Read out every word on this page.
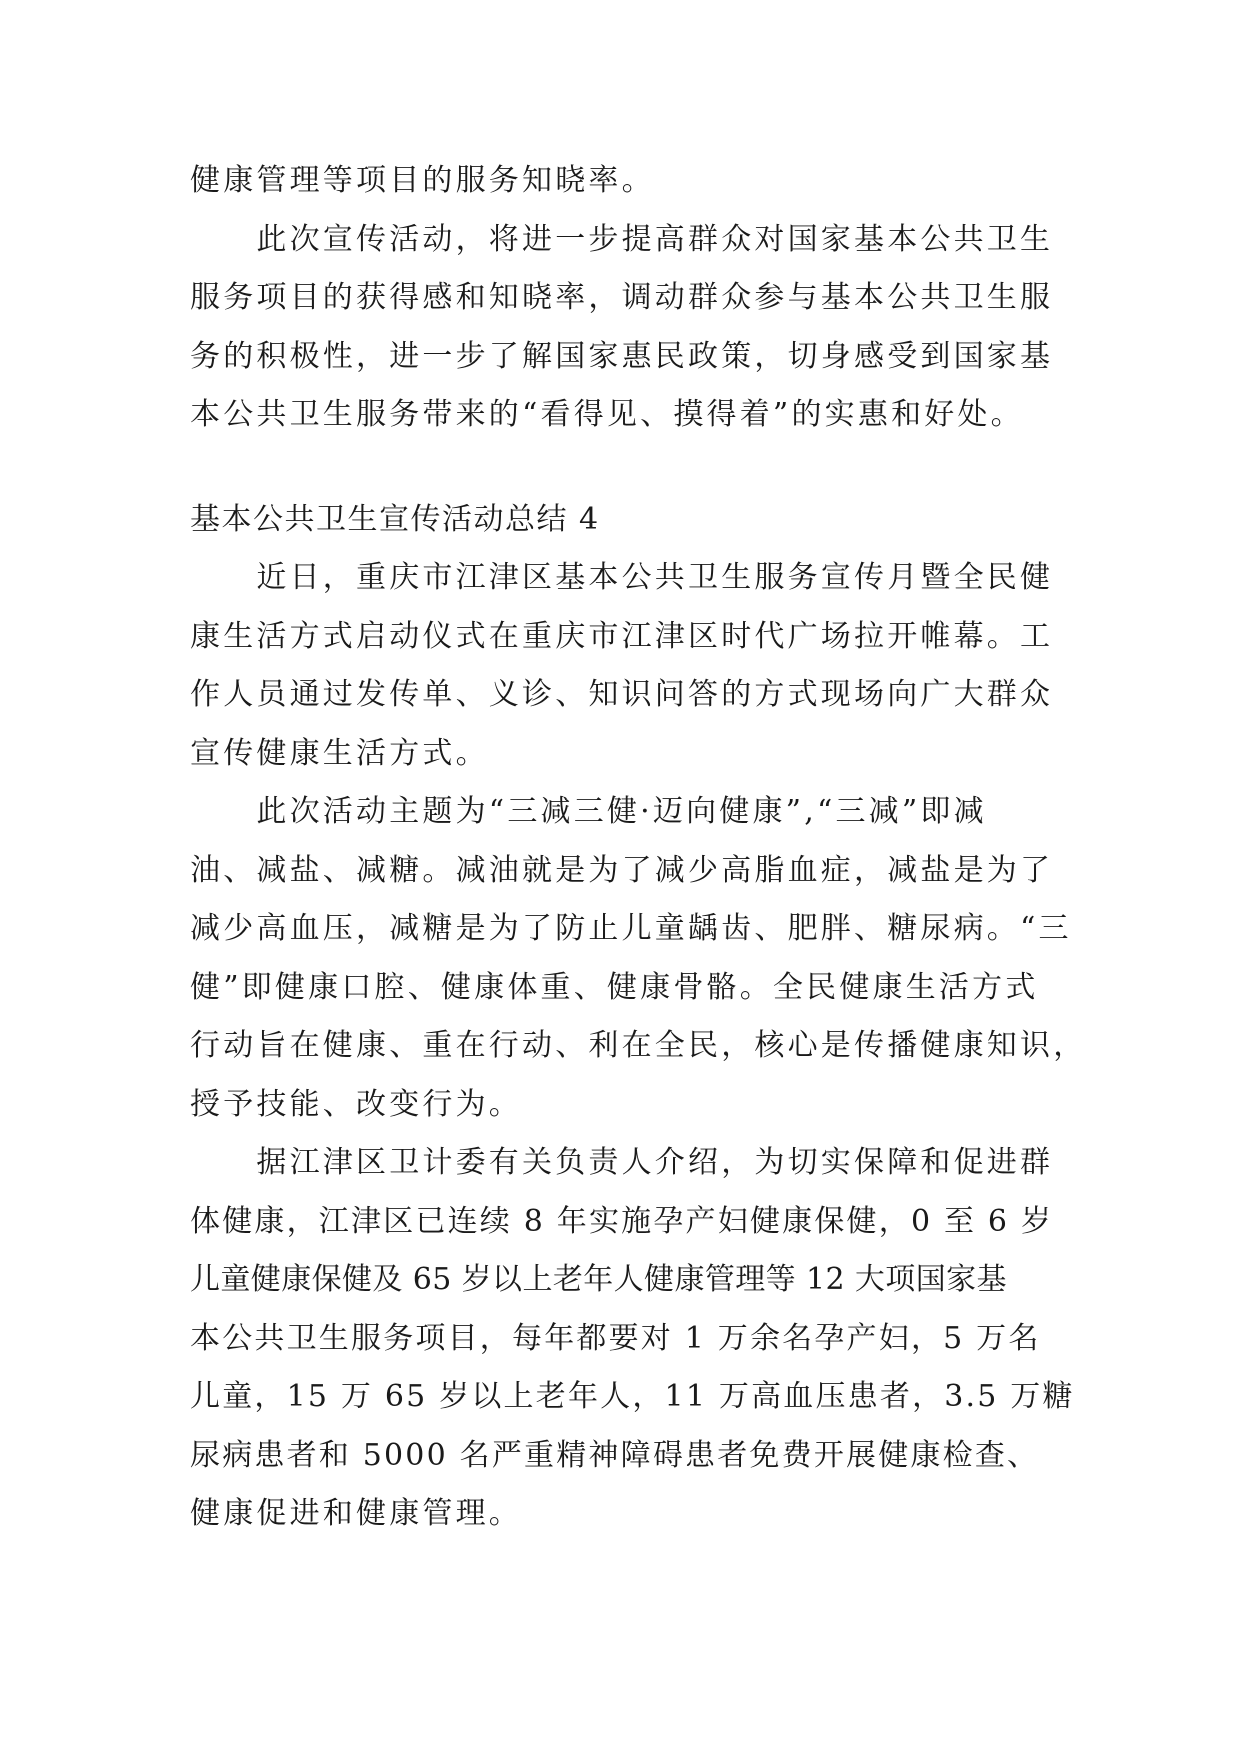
健康管理等项目的服务知晓率。
　　此次宣传活动，将进一步提高群众对国家基本公共卫生
服务项目的获得感和知晓率，调动群众参与基本公共卫生服
务的积极性，进一步了解国家惠民政策，切身感受到国家基
本公共卫生服务带来的“看得见、摸得着”的实惠和好处。
基本公共卫生宣传活动总结 4
　　近日，重庆市江津区基本公共卫生服务宣传月暨全民健
康生活方式启动仪式在重庆市江津区时代广场拉开帷幕。工
作人员通过发传单、义诊、知识问答的方式现场向广大群众
宣传健康生活方式。
　　此次活动主题为“三减三健·迈向健康”,“三减”即减
油、减盐、减糖。减油就是为了减少高脂血症，减盐是为了
减少高血压，减糖是为了防止儿童龋齿、肥胖、糖尿病。“三
健”即健康口腔、健康体重、健康骨骼。全民健康生活方式
行动旨在健康、重在行动、利在全民，核心是传播健康知识，
授予技能、改变行为。
　　据江津区卫计委有关负责人介绍，为切实保障和促进群
体健康，江津区已连续 8 年实施孕产妇健康保健，0 至 6 岁
儿童健康保健及 65 岁以上老年人健康管理等 12 大项国家基
本公共卫生服务项目，每年都要对 1 万余名孕产妇，5 万名
儿童，15 万 65 岁以上老年人，11 万高血压患者，3.5 万糖
尿病患者和 5000 名严重精神障碍患者免费开展健康检查、
健康促进和健康管理。
